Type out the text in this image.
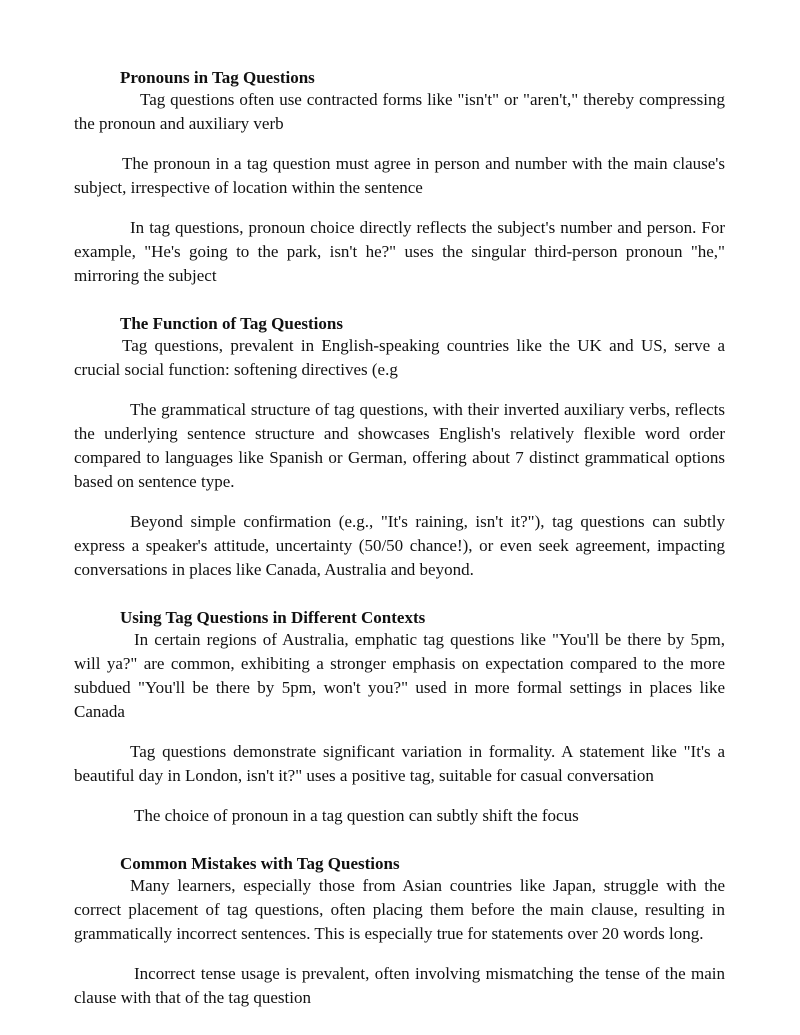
Pronouns in Tag Questions

Tag questions often use contracted forms like "isn't" or "aren't," thereby compressing the pronoun and auxiliary verb

The pronoun in a tag question must agree in person and number with the main clause's subject, irrespective of location within the sentence

In tag questions, pronoun choice directly reflects the subject's number and person. For example, "He's going to the park, isn't he?" uses the singular third-person pronoun "he," mirroring the subject

The Function of Tag Questions

Tag questions, prevalent in English-speaking countries like the UK and US, serve a crucial social function: softening directives (e.g

The grammatical structure of tag questions, with their inverted auxiliary verbs, reflects the underlying sentence structure and showcases English's relatively flexible word order compared to languages like Spanish or German, offering about 7 distinct grammatical options based on sentence type.

Beyond simple confirmation (e.g., "It's raining, isn't it?"), tag questions can subtly express a speaker's attitude, uncertainty (50/50 chance!), or even seek agreement, impacting conversations in places like Canada, Australia and beyond.

Using Tag Questions in Different Contexts

In certain regions of Australia, emphatic tag questions like "You'll be there by 5pm, will ya?" are common, exhibiting a stronger emphasis on expectation compared to the more subdued "You'll be there by 5pm, won't you?" used in more formal settings in places like Canada

Tag questions demonstrate significant variation in formality. A statement like "It's a beautiful day in London, isn't it?" uses a positive tag, suitable for casual conversation

The choice of pronoun in a tag question can subtly shift the focus

Common Mistakes with Tag Questions

Many learners, especially those from Asian countries like Japan, struggle with the correct placement of tag questions, often placing them before the main clause, resulting in grammatically incorrect sentences. This is especially true for statements over 20 words long.

Incorrect tense usage is prevalent, often involving mismatching the tense of the main clause with that of the tag question
